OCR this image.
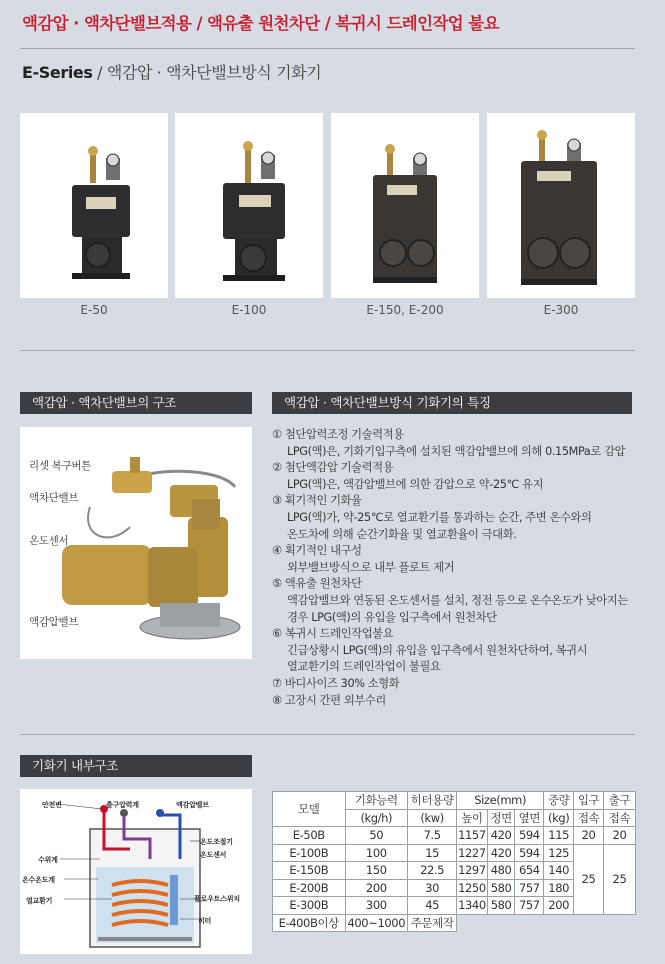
액감압 · 액차단밸브적용 / 액유출 원천차단 / 복귀시 드레인작업 불요
E-Series / 액감압 · 액차단밸브방식 기화기
E-50	E-100	E-150, E-200	E-300
액감압 · 액차단밸브의 구조	액감압 · 액차단밸브방식 기화기의 특징
리셋 복구버튼
액차단밸브
온도센서
액감압밸브
① 첨단압력조정 기술력적용
LPG(액)은, 기화기입구측에 설치된 액감압밸브에 의해 0.15MPa로 감압
② 첨단액감압 기술력적용
LPG(액)은, 액감압밸브에 의한 감압으로 약-25℃ 유지
③ 획기적인 기화율
LPG(액)가, 약-25℃로 열교환기를 통과하는 순간, 주변 온수와의
온도차에 의해 순간기화율 및 열교환율이 극대화.
④ 획기적인 내구성
외부밸브방식으로 내부 플로트 제거
⑤ 액유출 원천차단
액감압밸브와 연동된 온도센서를 설치, 정전 등으로 온수온도가 낮아지는
경우 LPG(액)의 유입을 입구측에서 원천차단
⑥ 복귀시 드레인작업불요
긴급상황시 LPG(액)의 유입을 입구측에서 원천차단하여, 복귀시
열교환기의 드레인작업이 불필요
⑦ 바디사이즈 30% 소형화
⑧ 고장시 간편 외부수리
기화기 내부구조
안전변	출구압력계	액감압밸브
온도조절기
온도센서
수위계
온수온도계
플로우트스위치
열교환기
히터
모델	기화능력	히터용량	Size(mm)			중량	입구	출구
	(kg/h)	(kw)	높이	정면	옆면	(kg)	접속	접속
E-50B	50	7.5	1157	420	594	115	20	20
E-100B	100	15	1227	420	594	125	25	25
E-150B	150	22.5	1297	480	654	140		
E-200B	200	30	1250	580	757	180		
E-300B	300	45	1340	580	757	200		
E-400B이상	400~1000	주문제작						
